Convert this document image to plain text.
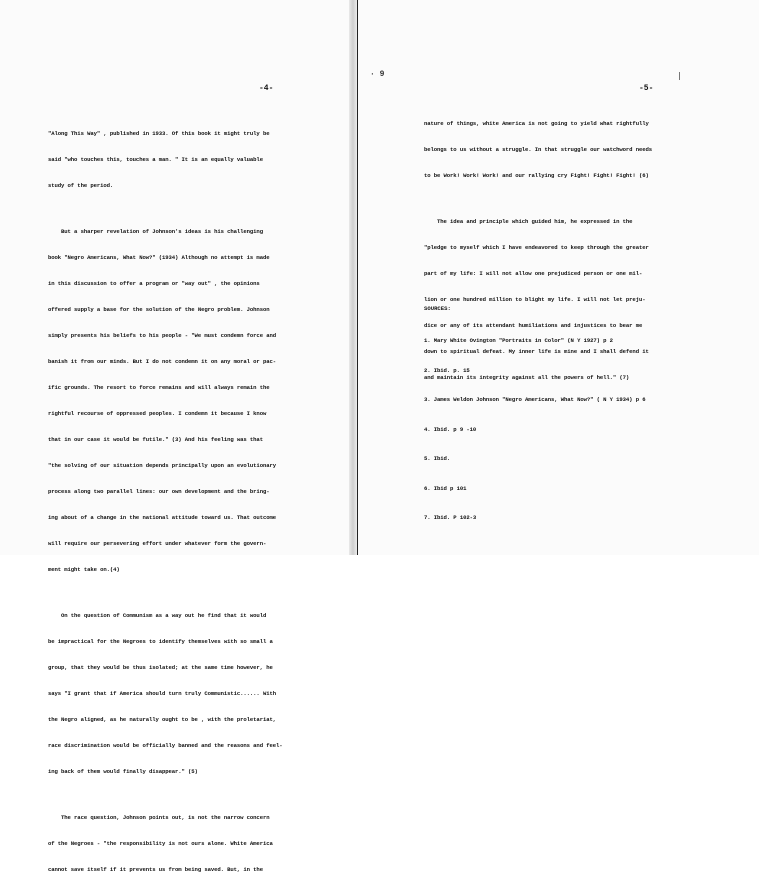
-4-

"Along This Way" , published in 1933. Of this book it might truly be

said "who touches this, touches a man. " It is an equally valuable

study of the period.

But a sharper revelation of Johnson's ideas is his challenging

book "Negro Americans, What Now?" (1934) Although no attempt is made

in this discussion to offer a program or "way out" , the opinions

offered supply a base for the solution of the Negro problem. Johnson

simply presents his beliefs to his people - "We must condemn force and

banish it from our minds. But I do not condemn it on any moral or pac-

ific grounds. The resort to force remains and will always remain the

rightful recourse of oppressed peoples. I condemn it because I know

that in our case it would be futile." (3) And his feeling was that

"the solving of our situation depends principally upon an evolutionary

process along two parallel lines: our own development and the bring-

ing about of a change in the national attitude toward us. That outcome

will require our persevering effort under whatever form the govern-

ment might take on.(4)

On the question of Communism as a way out he find that it would

be impractical for the Negroes to identify themselves with so small a

group, that they would be thus isolated; at the same time however, he

says "I grant that if America should turn truly Communistic...... With

the Negro aligned, as he naturally ought to be , with the proletariat,

race discrimination would be officially banned and the reasons and feel-

ing back of them would finally disappear." (5)

The race question, Johnson points out, is not the narrow concern

of the Negroes - "the responsibility is not ours alone. White America

cannot save itself if it prevents us from being saved. But, in the

· 9
-5-

nature of things, white America is not going to yield what rightfully

belongs to us without a struggle. In that struggle our watchword needs

to be Work! Work! Work! and our rallying cry Fight! Fight! Fight! (6)

The idea and principle which guided him, he expressed in the

"pledge to myself which I have endeavored to keep through the greater

part of my life: I will not allow one prejudiced person or one mil-

lion or one hundred million to blight my life. I will not let preju-

dice or any of its attendant humiliations and injustices to bear me

down to spiritual defeat. My inner life is mine and I shall defend it

and maintain its integrity against all the powers of hell." (7)

SOURCES:

1. Mary White Ovington "Portraits in Color" (N Y 1927) p 2

2. Ibid. p. 15

3. James Weldon Johnson "Negro Americans, What Now?" ( N Y 1934) p 6

4. Ibid. p 9 -10

5. Ibid.

6. Ibid p 101

7. Ibid. P 102-3
